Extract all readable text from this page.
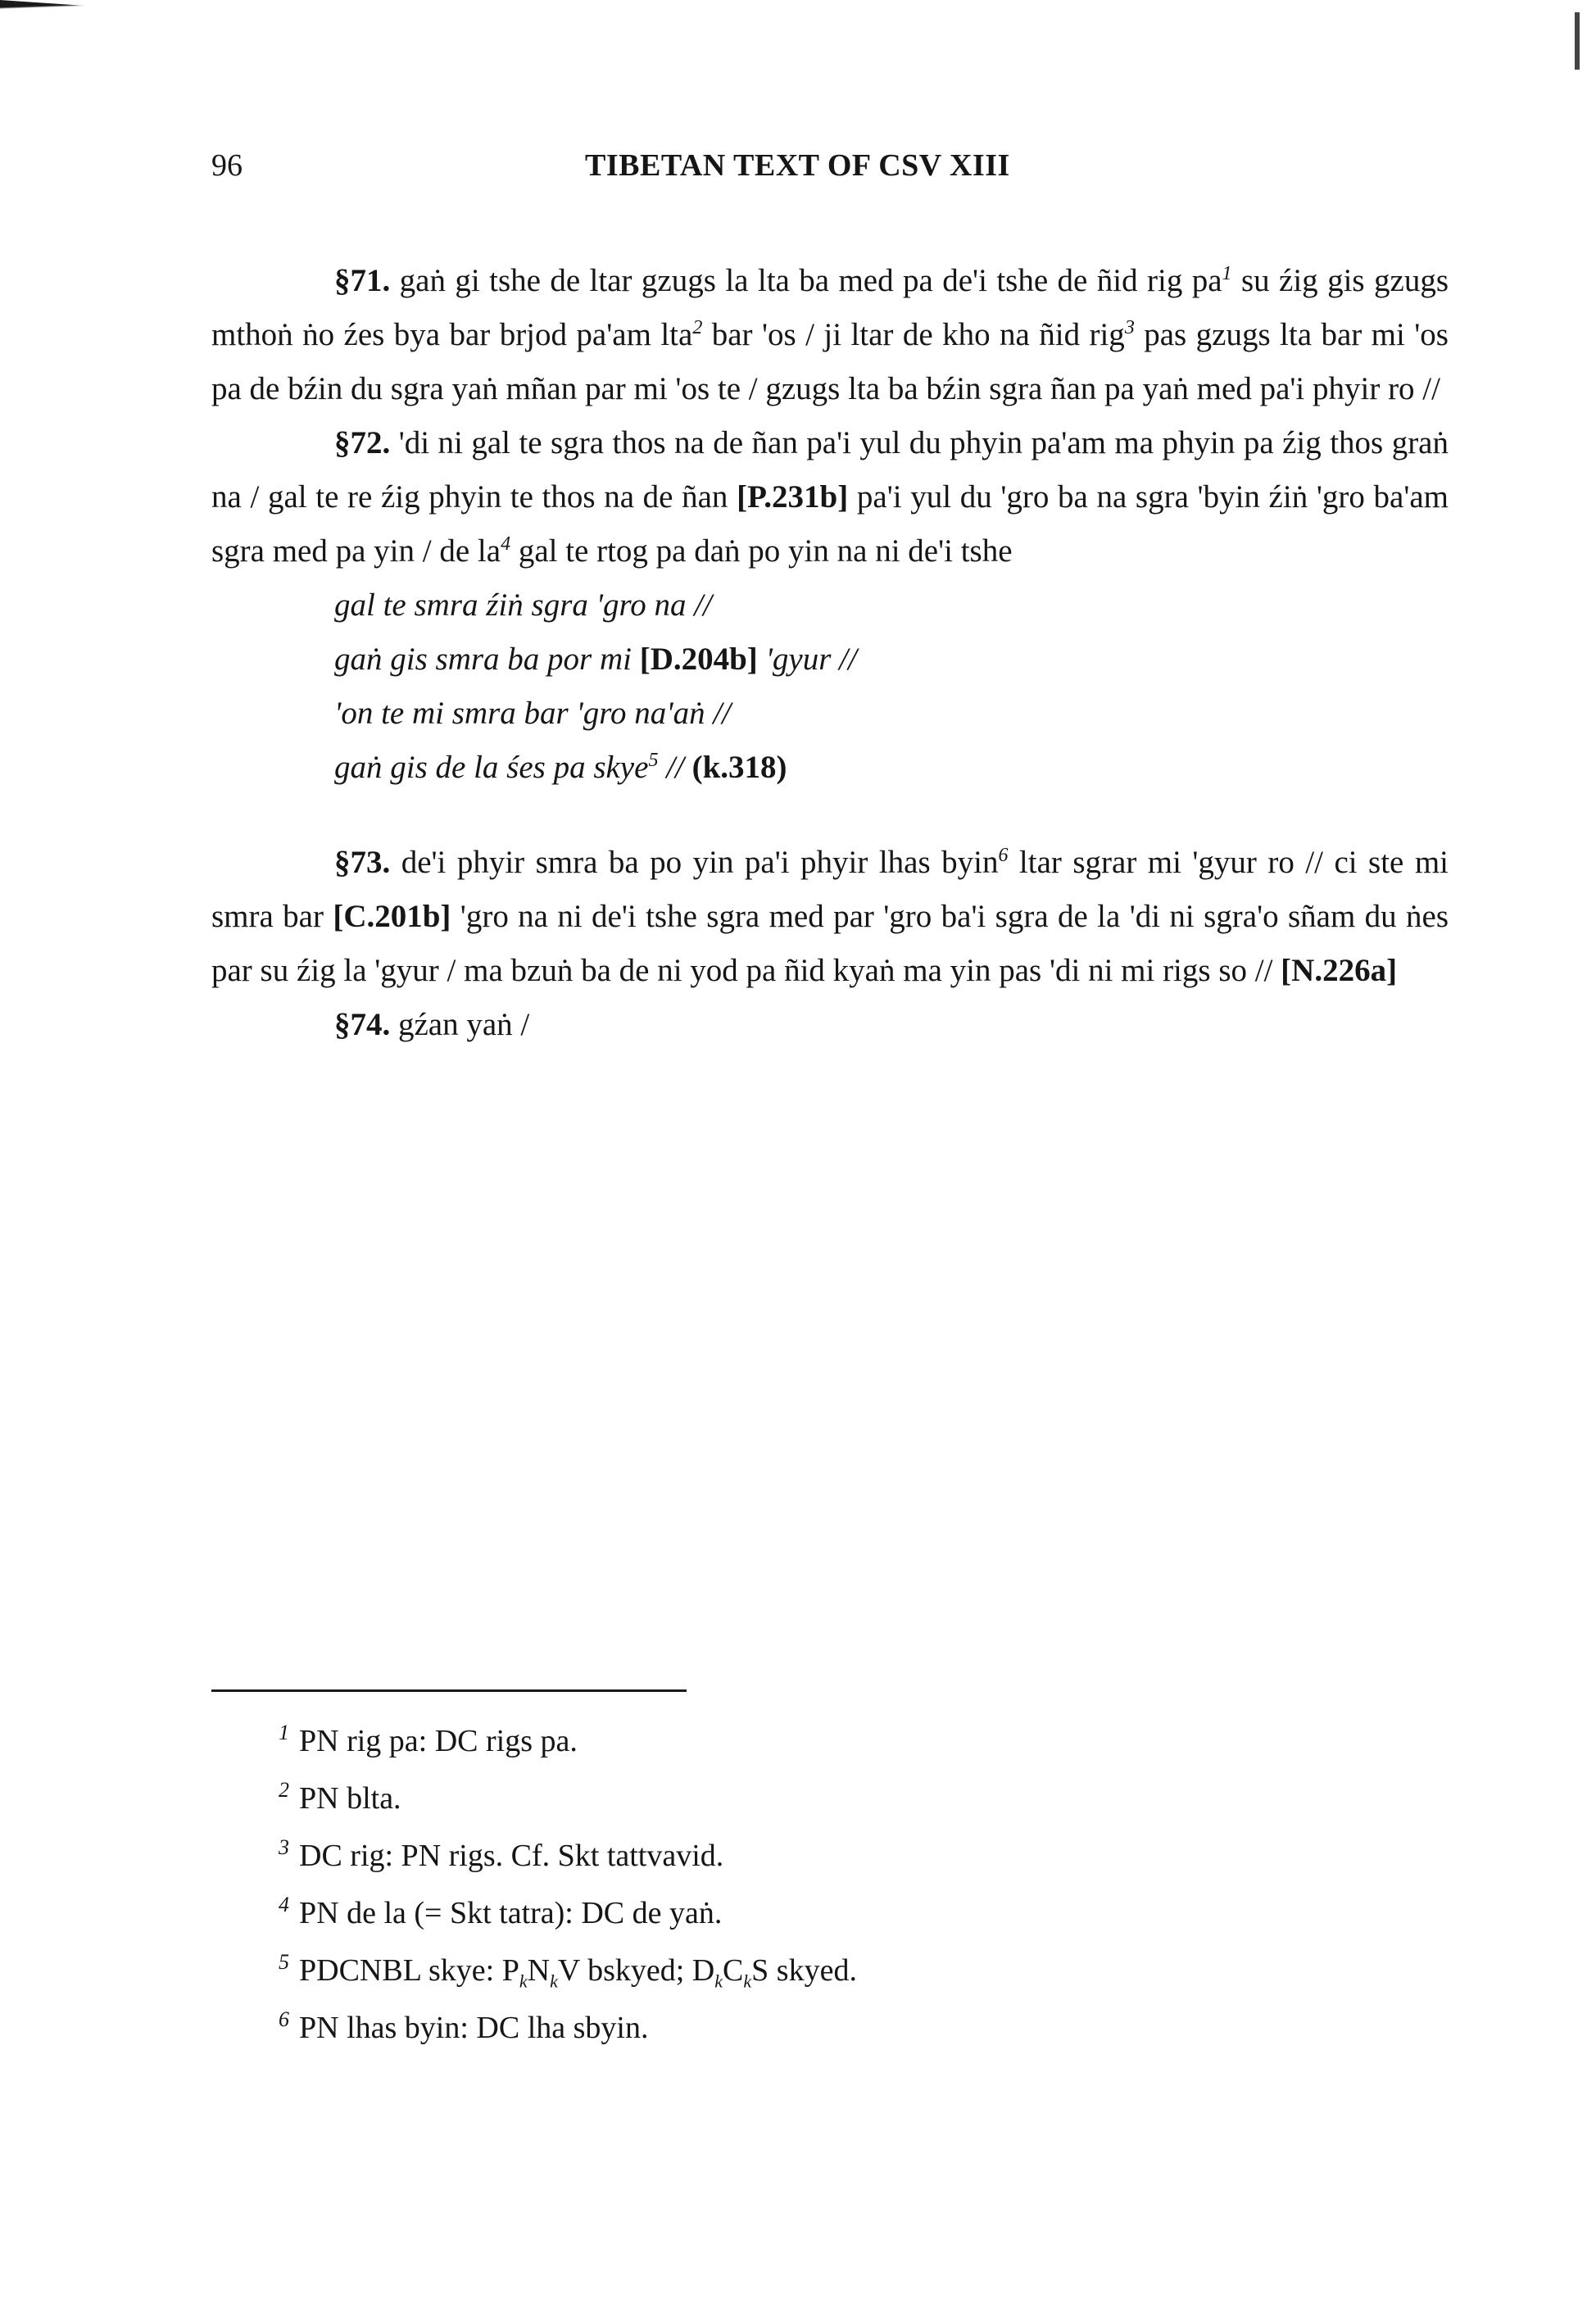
96	TIBETAN TEXT OF CSV XIII

§71. gaṅ gi tshe de ltar gzugs la lta ba med pa de'i tshe de ñid rig $pa^1$ su źig gis gzugs mthoṅ ṅo źes bya bar brjod pa'am lta$^2$ bar 'os / ji ltar de kho na ñid rig$^3$ pas gzugs lta bar mi 'os pa de bźin du sgra yaṅ mñan par mi 'os te / gzugs lta ba bźin sgra ñan pa yaṅ med pa'i phyir ro //

§72. 'di ni gal te sgra thos na de ñan pa'i yul du phyin pa'am ma phyin pa źig thos graṅ na / gal te re źig phyin te thos na de ñan [P.231b] pa'i yul du 'gro ba na sgra 'byin źiṅ 'gro ba'am sgra med pa yin / de $la^4$ gal te rtog pa daṅ po yin na ni de'i tshe

gal te smra źiṅ sgra 'gro na //

gaṅ gis smra ba por mi [D.204b] 'gyur //

'on te mi smra bar 'gro na'aṅ //

gaṅ gis de la śes pa skye$^5$ // (k.318)

§73. de'i phyir smra ba po yin pa'i phyir lhas byin$^6$ ltar sgrar mi 'gyur ro // ci ste mi smra bar [C.201b] 'gro na ni de'i tshe sgra med par 'gro ba'i sgra de la 'di ni sgra'o sñam du ṅes par su źig la 'gyur / ma bzuṅ ba de ni yod pa ñid kyaṅ ma yin pas 'di ni mi rigs so // [N.226a]

§74. gźan yaṅ /

$^1$ PN rig pa: DC rigs pa.

$^2$ PN blta.

$^3$ DC rig: PN rigs. Cf. Skt tattvavid.

$^4$ PN de la (= Skt tatra): DC de yaṅ.

$^5$ PDCNBL skye: $P_kN_kV$ bskyed; $D_kC_kS$ skyed.

$^6$ PN lhas byin: DC lha sbyin.
